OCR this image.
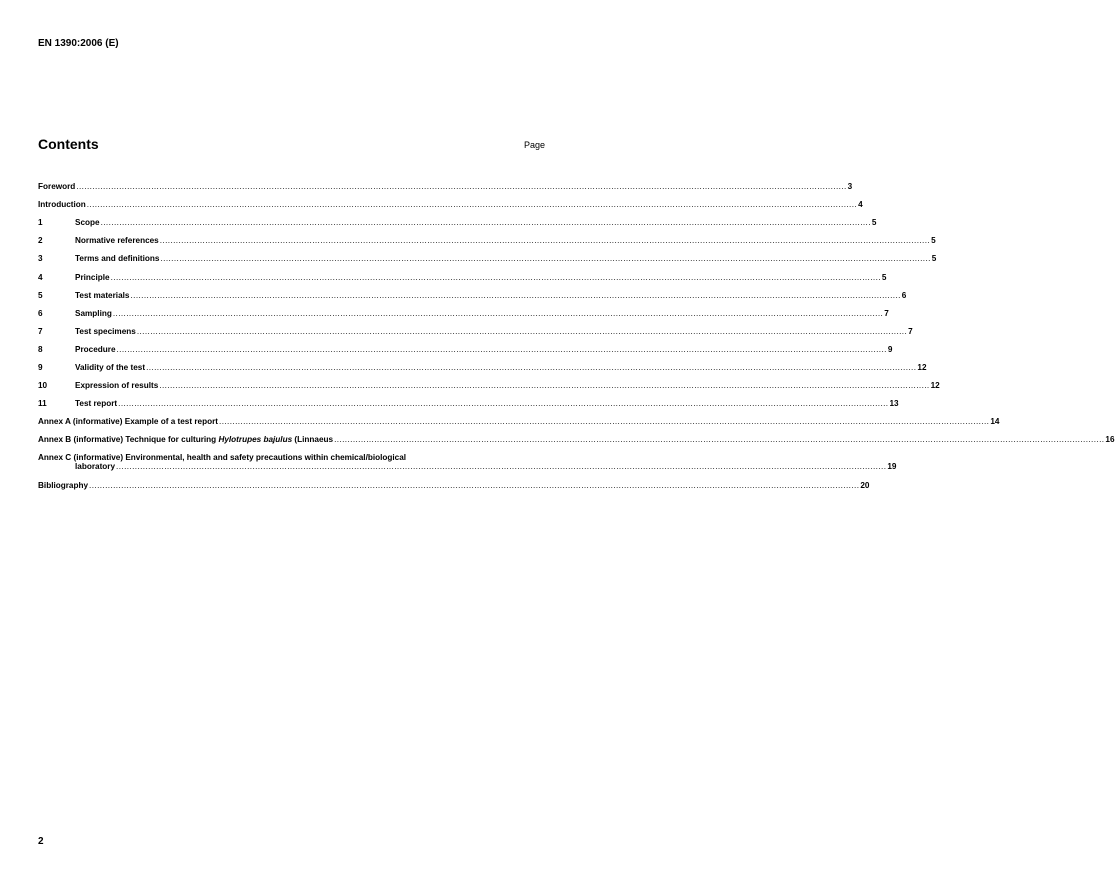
EN 1390:2006 (E)
Contents	Page
Foreword .....	3
Introduction .....	4
1	Scope .....	5
2	Normative references .....	5
3	Terms and definitions .....	5
4	Principle .....	5
5	Test materials .....	6
6	Sampling .....	7
7	Test specimens .....	7
8	Procedure .....	9
9	Validity of the test .....	12
10	Expression of results .....	12
11	Test report .....	13
Annex A (informative) Example of a test report .....	14
Annex B (informative) Technique for culturing Hylotrupes bajulus (Linnaeus .....	16
Annex C (informative) Environmental, health and safety precautions within chemical/biological
laboratory .....	19
Bibliography .....	20
2
